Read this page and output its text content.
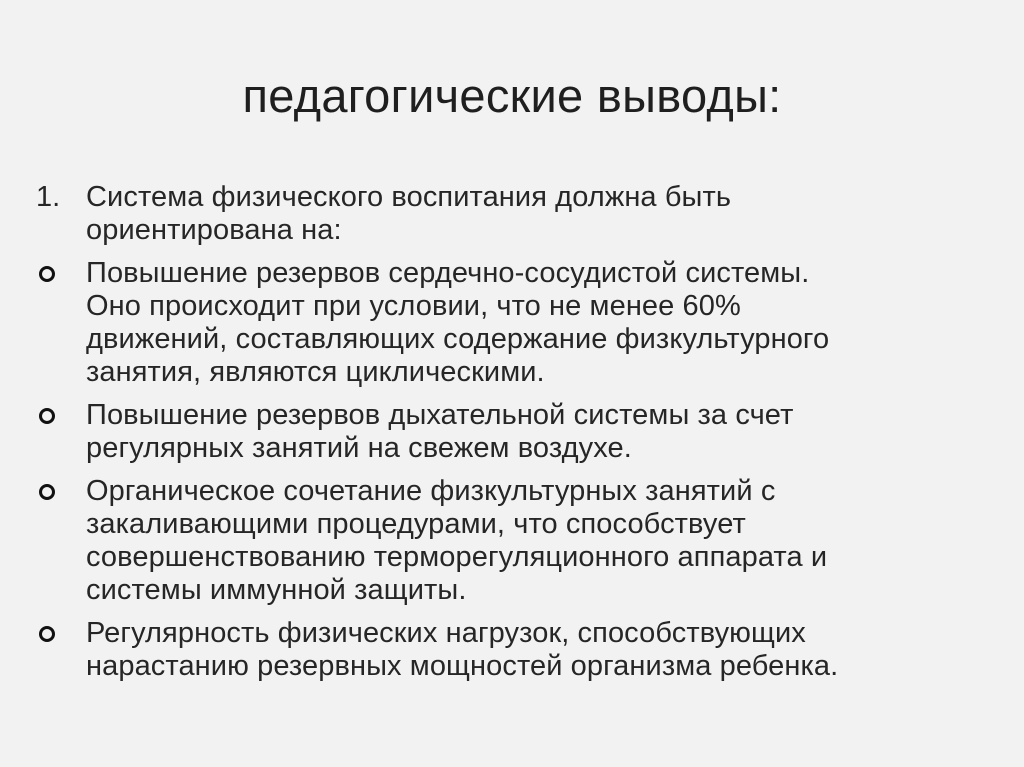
педагогические выводы:
1. Система физического воспитания должна быть
ориентирована на:
Повышение резервов сердечно-сосудистой системы.
Оно происходит при условии, что не менее 60%
движений, составляющих содержание физкультурного
занятия, являются циклическими.
Повышение резервов дыхательной системы за счет
регулярных занятий на свежем воздухе.
Органическое сочетание физкультурных занятий с
закаливающими процедурами, что способствует
совершенствованию терморегуляционного аппарата и
системы иммунной защиты.
Регулярность физических нагрузок, способствующих
нарастанию резервных мощностей организма ребенка.
